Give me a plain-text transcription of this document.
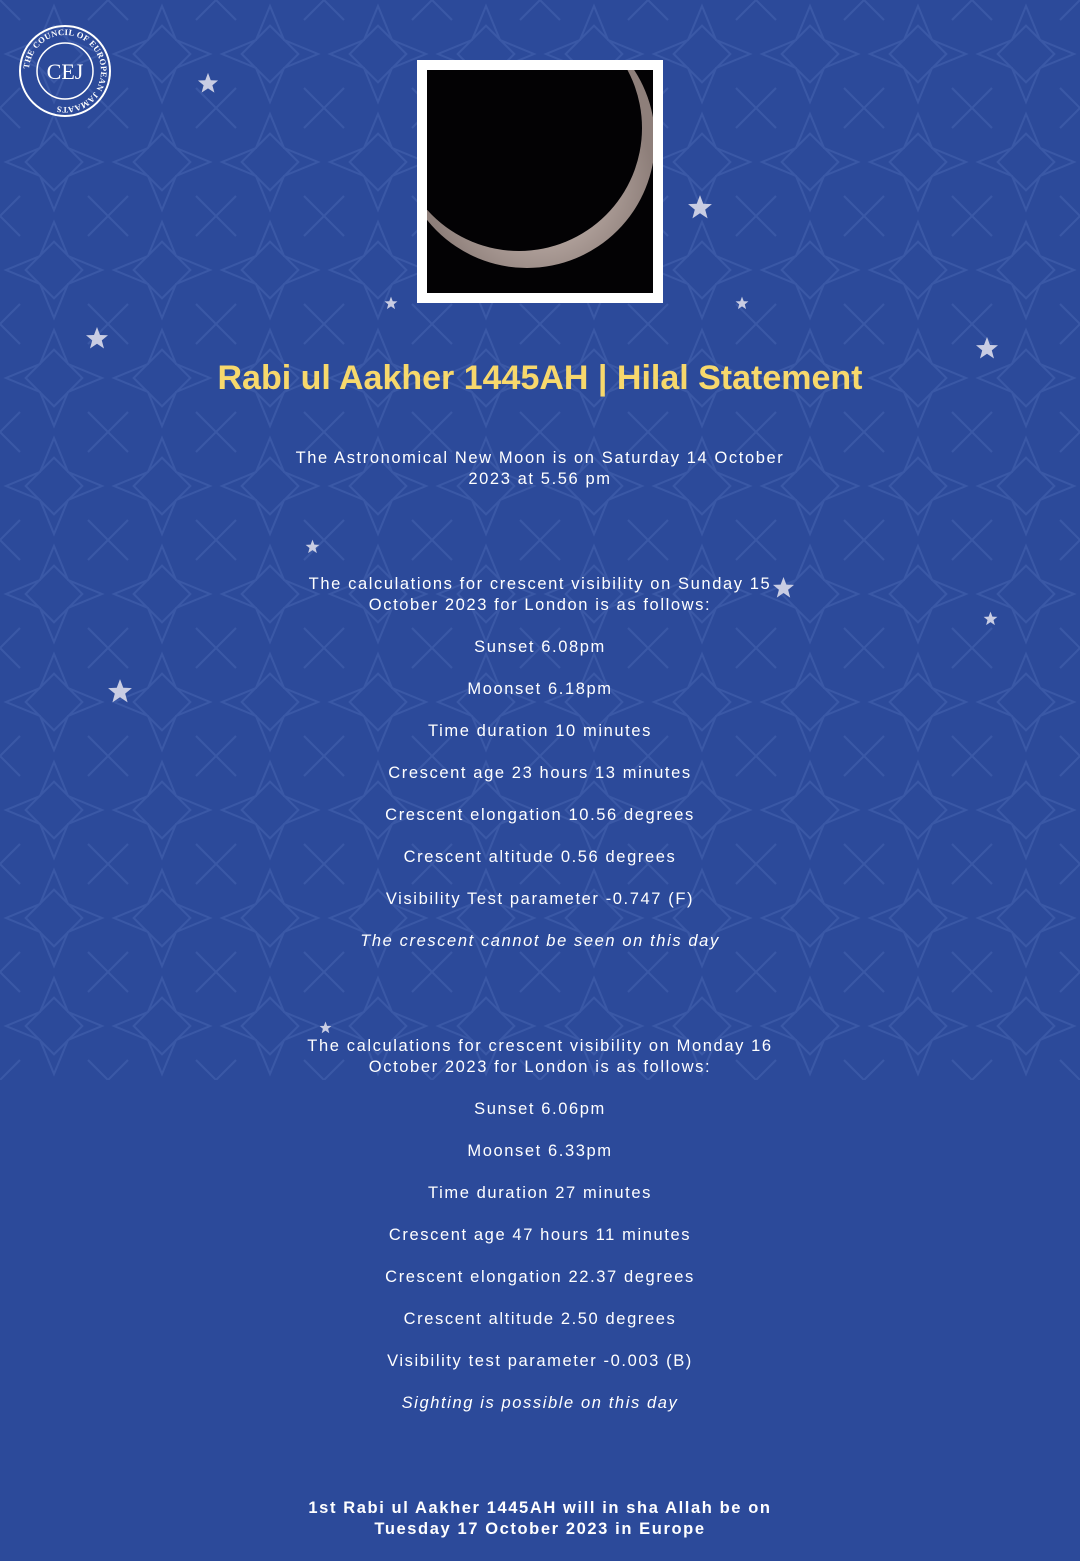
THE COUNCIL OF EUROPEAN JAMAATS
CEJ
Rabi ul Aakher 1445AH | Hilal Statement

The Astronomical New Moon is on Saturday 14 October
2023 at 5.56 pm

The calculations for crescent visibility on Sunday 15
October 2023 for London is as follows:

Sunset 6.08pm

Moonset 6.18pm

Time duration 10 minutes

Crescent age 23 hours 13 minutes

Crescent elongation 10.56 degrees

Crescent altitude 0.56 degrees

Visibility Test parameter -0.747 (F)

The crescent cannot be seen on this day

The calculations for crescent visibility on Monday 16
October 2023 for London is as follows:

Sunset 6.06pm

Moonset 6.33pm

Time duration 27 minutes

Crescent age 47 hours 11 minutes

Crescent elongation 22.37 degrees

Crescent altitude 2.50 degrees

Visibility test parameter -0.003 (B)

Sighting is possible on this day

1st Rabi ul Aakher 1445AH will in sha Allah be on
Tuesday 17 October 2023 in Europe
